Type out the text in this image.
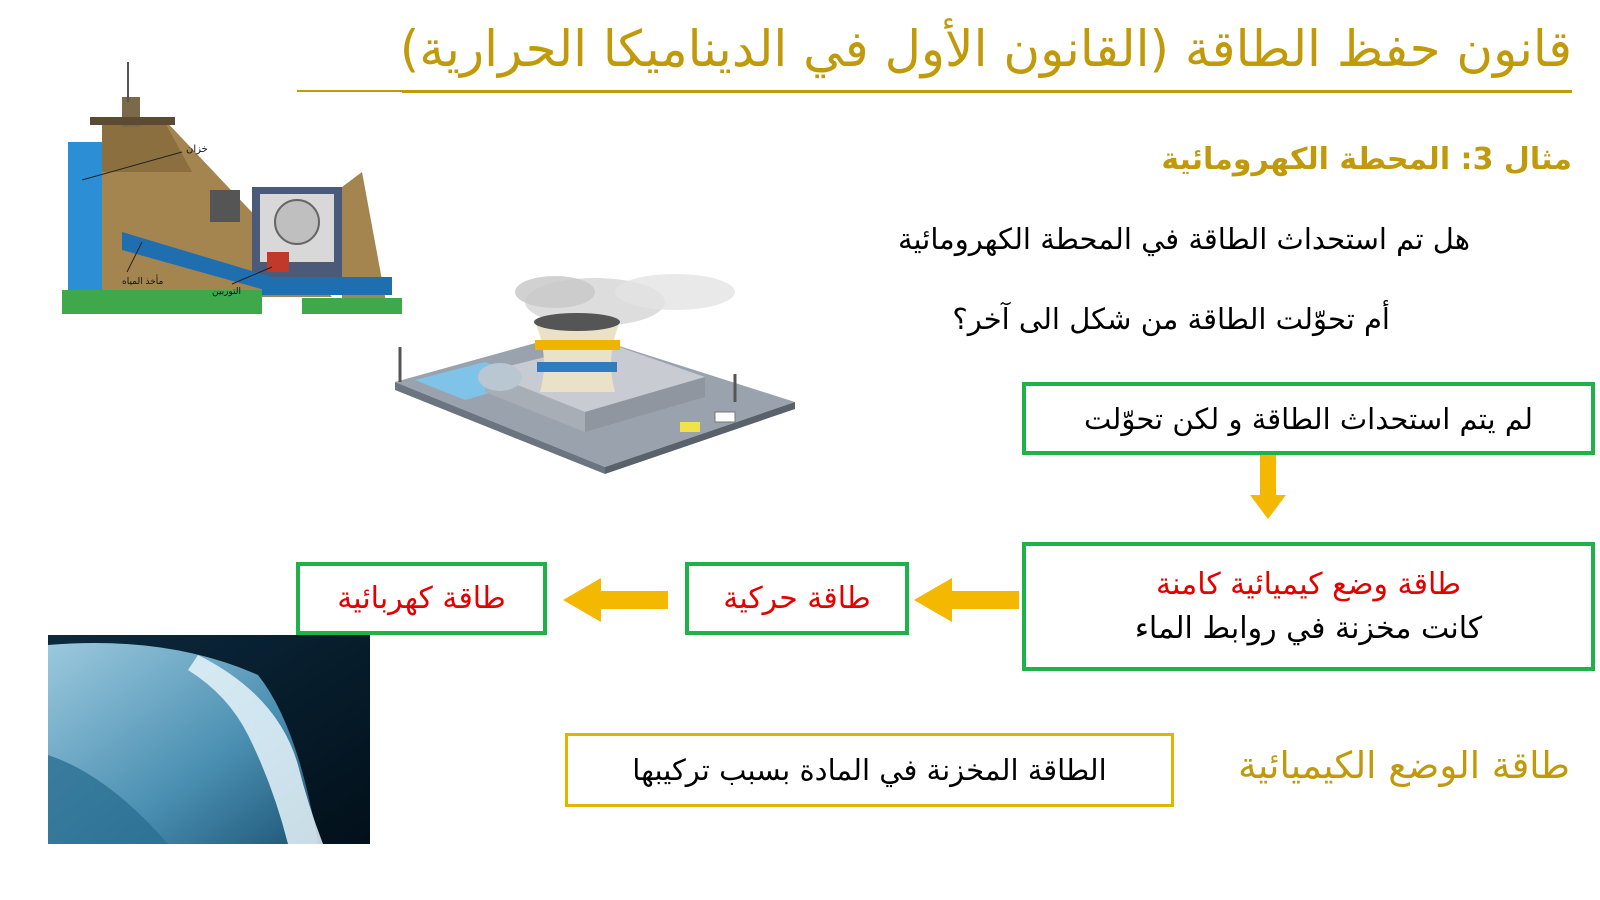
قانون حفظ الطاقة (القانون الأول في الديناميكا الحرارية)
مثال 3: المحطة الكهرومائية
هل تم استحداث الطاقة في المحطة الكهرومائية
أم تحوّلت الطاقة من شكل الى آخر؟
لم يتم استحداث الطاقة و لكن تحوّلت
طاقة وضع كيميائية كامنة
كانت مخزنة في روابط الماء
طاقة حركية
طاقة كهربائية
طاقة الوضع الكيميائية
الطاقة المخزنة في المادة بسبب تركيبها
خزان
مأخذ المياه
التوربين
